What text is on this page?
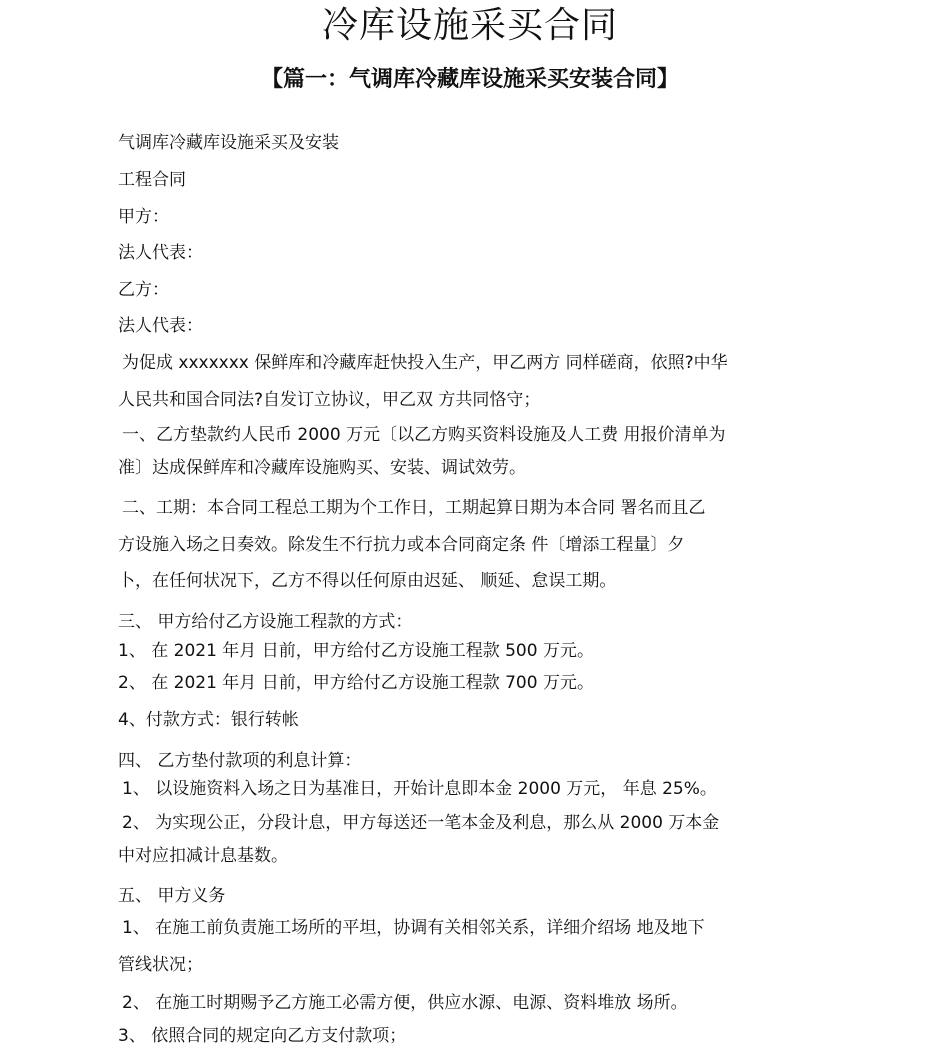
冷库设施采买合同
【篇一：气调库冷藏库设施采买安装合同】
气调库冷藏库设施采买及安装
工程合同
甲方：
法人代表：
乙方：
法人代表：
为促成 xxxxxxx 保鲜库和冷藏库赶快投入生产，甲乙两方 同样磋商，依照?中华
人民共和国合同法?自发订立协议，甲乙双 方共同恪守；
一、乙方垫款约人民币 2000 万元〔以乙方购买资料设施及人工费 用报价清单为
准〕达成保鲜库和冷藏库设施购买、安装、调试效劳。
二、工期：本合同工程总工期为个工作日，工期起算日期为本合同 署名而且乙
方设施入场之日奏效。除发生不行抗力或本合同商定条 件〔增添工程量〕夕
卜，在任何状况下，乙方不得以任何原由迟延、 顺延、怠误工期。
三、 甲方给付乙方设施工程款的方式：
1、 在 2021 年月 日前，甲方给付乙方设施工程款 500 万元。
2、 在 2021 年月 日前，甲方给付乙方设施工程款 700 万元。
4、付款方式：银行转帐
四、 乙方垫付款项的利息计算：
1、 以设施资料入场之日为基准日，开始计息即本金 2000 万元， 年息 25%。
2、 为实现公正，分段计息，甲方每送还一笔本金及利息，那么从 2000 万本金
中对应扣减计息基数。
五、 甲方义务
1、 在施工前负责施工场所的平坦，协调有关相邻关系，详细介绍场 地及地下
管线状况；
2、 在施工时期赐予乙方施工必需方便，供应水源、电源、资料堆放 场所。
3、 依照合同的规定向乙方支付款项；
